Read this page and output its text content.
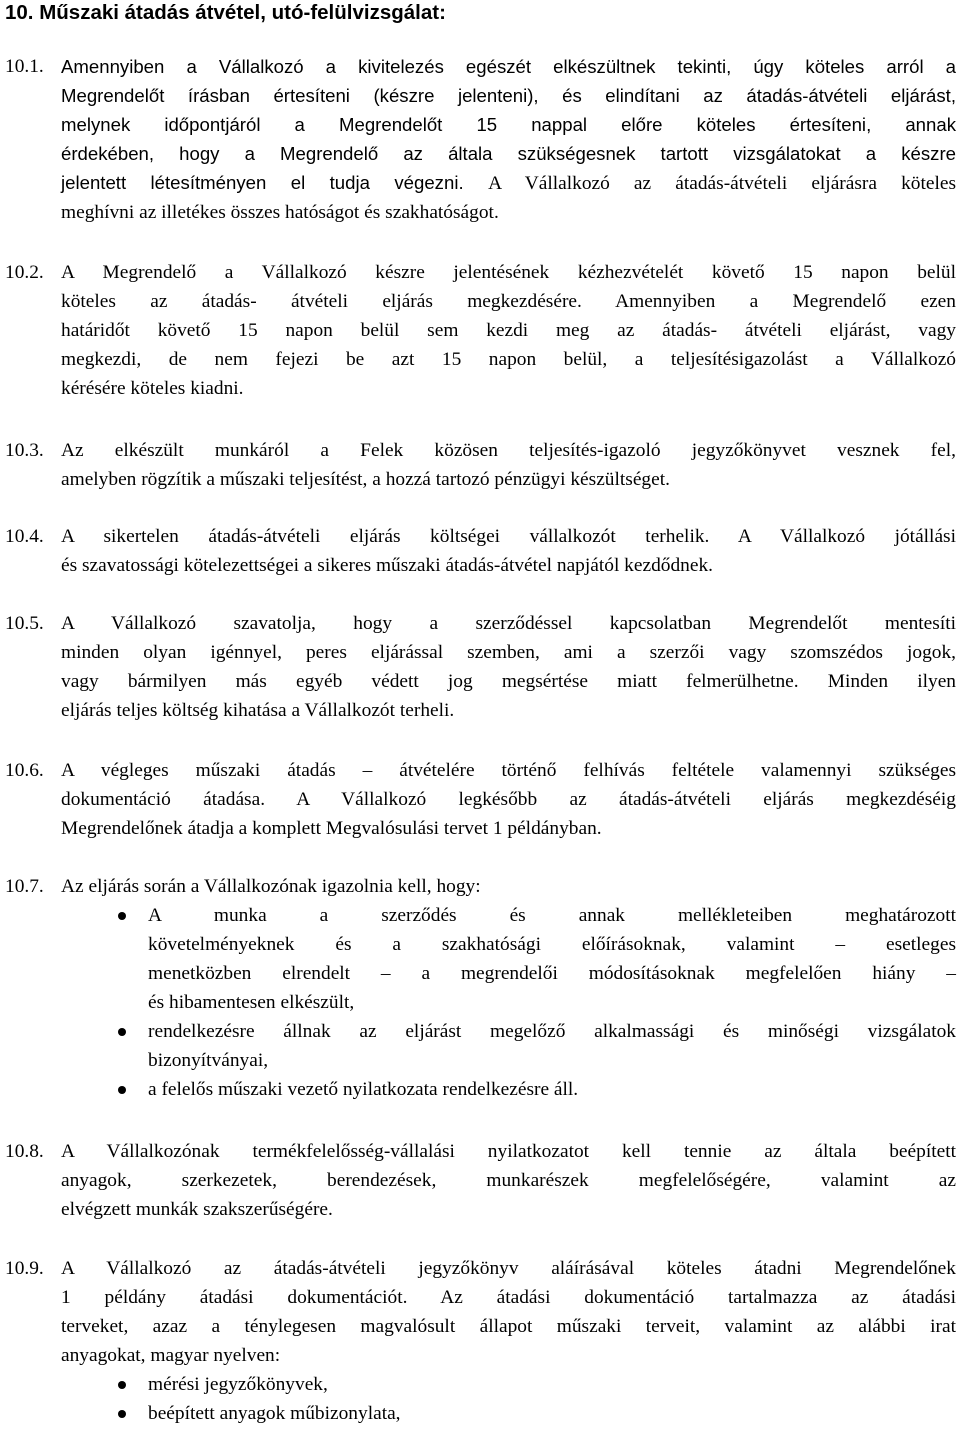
10. Műszaki átadás átvétel, utó-felülvizsgálat:
10.1. Amennyiben a Vállalkozó a kivitelezés egészét elkészültnek tekinti, úgy köteles arról a
Megrendelőt írásban értesíteni (készre jelenteni), és elindítani az átadás-átvételi eljárást,
melynek időpontjáról a Megrendelőt 15 nappal előre köteles értesíteni, annak
érdekében, hogy a Megrendelő az általa szükségesnek tartott vizsgálatokat a készre
jelentett létesítményen el tudja végezni. A Vállalkozó az átadás-átvételi eljárásra köteles
meghívni az illetékes összes hatóságot és szakhatóságot.
10.2. A Megrendelő a Vállalkozó készre jelentésének kézhezvételét követő 15 napon belül
köteles az átadás- átvételi eljárás megkezdésére. Amennyiben a Megrendelő ezen
határidőt követő 15 napon belül sem kezdi meg az átadás- átvételi eljárást, vagy
megkezdi, de nem fejezi be azt 15 napon belül, a teljesítésigazolást a Vállalkozó
kérésére köteles kiadni.
10.3. Az elkészült munkáról a Felek közösen teljesítés-igazoló jegyzőkönyvet vesznek fel,
amelyben rögzítik a műszaki teljesítést, a hozzá tartozó pénzügyi készültséget.
10.4. A sikertelen átadás-átvételi eljárás költségei vállalkozót terhelik. A Vállalkozó jótállási
és szavatossági kötelezettségei a sikeres műszaki átadás-átvétel napjától kezdődnek.
10.5. A Vállalkozó szavatolja, hogy a szerződéssel kapcsolatban Megrendelőt mentesíti
minden olyan igénnyel, peres eljárással szemben, ami a szerzői vagy szomszédos jogok,
vagy bármilyen más egyéb védett jog megsértése miatt felmerülhetne. Minden ilyen
eljárás teljes költség kihatása a Vállalkozót terheli.
10.6. A végleges műszaki átadás – átvételére történő felhívás feltétele valamennyi szükséges
dokumentáció átadása. A Vállalkozó legkésőbb az átadás-átvételi eljárás megkezdéséig
Megrendelőnek átadja a komplett Megvalósulási tervet 1 példányban.
10.7. Az eljárás során a Vállalkozónak igazolnia kell, hogy:
A munka a szerződés és annak mellékleteiben meghatározott
követelményeknek és a szakhatósági előírásoknak, valamint – esetleges
menetközben elrendelt – a megrendelői módosításoknak megfelelően hiány –
és hibamentesen elkészült,
rendelkezésre állnak az eljárást megelőző alkalmassági és minőségi vizsgálatok
bizonyítványai,
a felelős műszaki vezető nyilatkozata rendelkezésre áll.
10.8. A Vállalkozónak termékfelelősség-vállalási nyilatkozatot kell tennie az általa beépített
anyagok, szerkezetek, berendezések, munkarészek megfelelőségére, valamint az
elvégzett munkák szakszerűségére.
10.9. A Vállalkozó az átadás-átvételi jegyzőkönyv aláírásával köteles átadni Megrendelőnek
1 példány átadási dokumentációt. Az átadási dokumentáció tartalmazza az átadási
terveket, azaz a ténylegesen magvalósult állapot műszaki terveit, valamint az alábbi irat
anyagokat, magyar nyelven:
mérési jegyzőkönyvek,
beépített anyagok műbizonylata,
